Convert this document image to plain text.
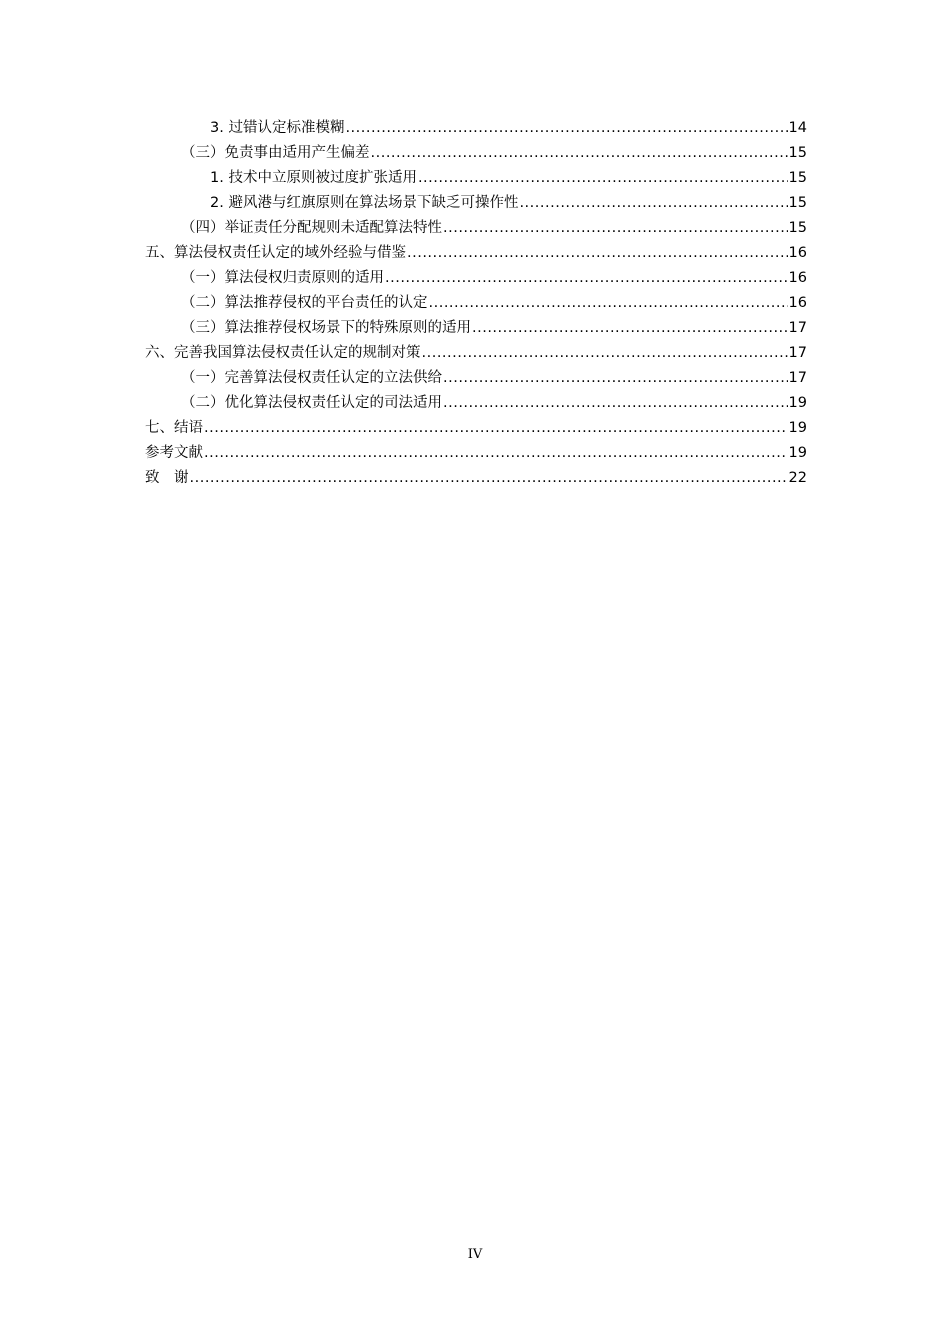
3. 过错认定标准模糊 .....	14
（三）免责事由适用产生偏差 .....	15
1. 技术中立原则被过度扩张适用 .....	15
2. 避风港与红旗原则在算法场景下缺乏可操作性 .....	15
（四）举证责任分配规则未适配算法特性 .....	15
五、算法侵权责任认定的域外经验与借鉴 .....	16
（一）算法侵权归责原则的适用 .....	16
（二）算法推荐侵权的平台责任的认定 .....	16
（三）算法推荐侵权场景下的特殊原则的适用 .....	17
六、完善我国算法侵权责任认定的规制对策 .....	17
（一）完善算法侵权责任认定的立法供给 .....	17
（二）优化算法侵权责任认定的司法适用 .....	19
七、结语 .....	19
参考文献 .....	19
致　谢 .....	22
IV
